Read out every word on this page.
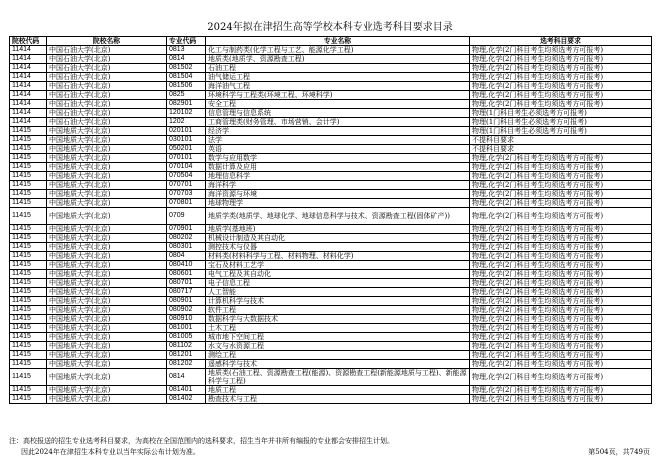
2024年拟在津招生高等学校本科专业选考科目要求目录
院校代码	院校名称	专业代码	专业名称	选考科目要求
11414	中国石油大学(北京)	0813	化工与制药类(化学工程与工艺、能源化学工程)	物理,化学(2门科目考生均须选考方可报考)
11414	中国石油大学(北京)	0814	地质类(地质学、资源勘查工程)	物理,化学(2门科目考生均须选考方可报考)
11414	中国石油大学(北京)	081502	石油工程	物理,化学(2门科目考生均须选考方可报考)
11414	中国石油大学(北京)	081504	油气储运工程	物理,化学(2门科目考生均须选考方可报考)
11414	中国石油大学(北京)	081506	海洋油气工程	物理,化学(2门科目考生均须选考方可报考)
11414	中国石油大学(北京)	0825	环境科学与工程类(环境工程、环境科学)	物理,化学(2门科目考生均须选考方可报考)
11414	中国石油大学(北京)	082901	安全工程	物理,化学(2门科目考生均须选考方可报考)
11414	中国石油大学(北京)	120102	信息管理与信息系统	物理(1门科目考生必须选考方可报考)
11414	中国石油大学(北京)	1202	工商管理类(财务管理、市场营销、会计学)	物理(1门科目考生必须选考方可报考)
11415	中国地质大学(北京)	020101	经济学	物理(1门科目考生必须选考方可报考)
11415	中国地质大学(北京)	030101	法学	不提科目要求
11415	中国地质大学(北京)	050201	英语	不提科目要求
11415	中国地质大学(北京)	070101	数学与应用数学	物理,化学(2门科目考生均须选考方可报考)
11415	中国地质大学(北京)	070104	数据计算及应用	物理,化学(2门科目考生均须选考方可报考)
11415	中国地质大学(北京)	070504	地理信息科学	物理,化学(2门科目考生均须选考方可报考)
11415	中国地质大学(北京)	070701	海洋科学	物理,化学(2门科目考生均须选考方可报考)
11415	中国地质大学(北京)	070703	海洋资源与环境	物理,化学(2门科目考生均须选考方可报考)
11415	中国地质大学(北京)	070801	地球物理学	物理,化学(2门科目考生均须选考方可报考)
11415	中国地质大学(北京)	0709	地质学类(地质学、地球化学、地球信息科学与技术、资源勘查工程(固体矿产))	物理,化学(2门科目考生均须选考方可报考)
11415	中国地质大学(北京)	070901	地质学(基地班)	物理,化学(2门科目考生均须选考方可报考)
11415	中国地质大学(北京)	080202	机械设计制造及其自动化	物理,化学(2门科目考生均须选考方可报考)
11415	中国地质大学(北京)	080301	测控技术与仪器	物理,化学(2门科目考生均须选考方可报考)
11415	中国地质大学(北京)	0804	材料类(材料科学与工程、材料物理、材料化学)	物理,化学(2门科目考生均须选考方可报考)
11415	中国地质大学(北京)	080410	宝石及材料工艺学	物理,化学(2门科目考生均须选考方可报考)
11415	中国地质大学(北京)	080601	电气工程及其自动化	物理,化学(2门科目考生均须选考方可报考)
11415	中国地质大学(北京)	080701	电子信息工程	物理,化学(2门科目考生均须选考方可报考)
11415	中国地质大学(北京)	080717	人工智能	物理,化学(2门科目考生均须选考方可报考)
11415	中国地质大学(北京)	080901	计算机科学与技术	物理,化学(2门科目考生均须选考方可报考)
11415	中国地质大学(北京)	080902	软件工程	物理,化学(2门科目考生均须选考方可报考)
11415	中国地质大学(北京)	080910	数据科学与大数据技术	物理,化学(2门科目考生均须选考方可报考)
11415	中国地质大学(北京)	081001	土木工程	物理,化学(2门科目考生均须选考方可报考)
11415	中国地质大学(北京)	081005	城市地下空间工程	物理,化学(2门科目考生均须选考方可报考)
11415	中国地质大学(北京)	081102	水文与水资源工程	物理,化学(2门科目考生均须选考方可报考)
11415	中国地质大学(北京)	081201	测绘工程	物理,化学(2门科目考生均须选考方可报考)
11415	中国地质大学(北京)	081202	遥感科学与技术	物理,化学(2门科目考生均须选考方可报考)
11415	中国地质大学(北京)	0814	地质类(石油工程、资源勘查工程(能源)、资源勘查工程(新能源地质与工程)、新能源科学与工程)	物理,化学(2门科目考生均须选考方可报考)
11415	中国地质大学(北京)	081401	地质工程	物理,化学(2门科目考生均须选考方可报考)
11415	中国地质大学(北京)	081402	勘查技术与工程	物理,化学(2门科目考生均须选考方可报考)
注：高校报送的招生专业选考科目要求，为高校在全国范围内的选科要求，招生当年并非所有编报的专业都会安排招生计划。
因此2024年在津招生本科专业以当年实际公布计划为准。	第504页，共749页
